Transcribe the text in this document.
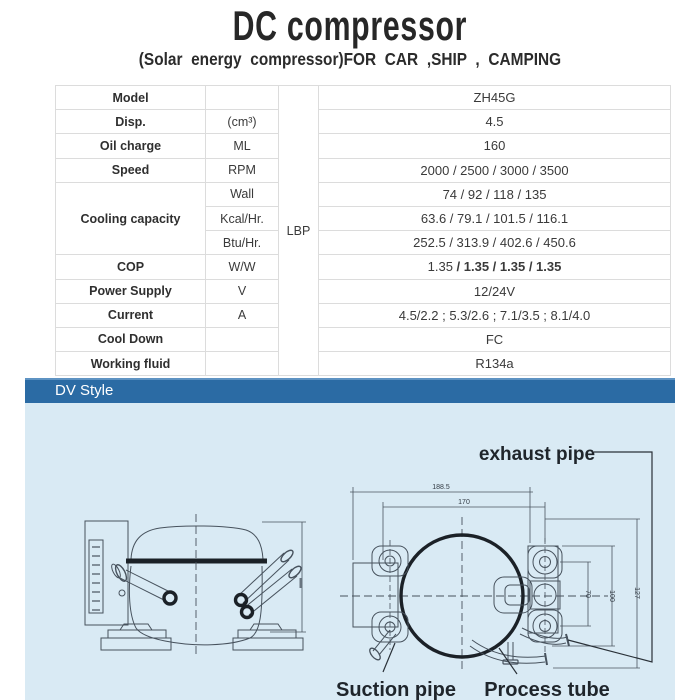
DC compressor
(Solar energy compressor)FOR CAR ,SHIP , CAMPING
Model		LBP	ZH45G
Disp.	(cm³)		4.5
Oil charge	ML		160
Speed	RPM		2000 / 2500 / 3000 / 3500
Cooling capacity	Wall		74 / 92 / 118 / 135
	Kcal/Hr.		63.6 / 79.1 / 101.5 / 116.1
	Btu/Hr.		252.5 / 313.9 / 402.6 / 450.6
COP	W/W		1.35 / 1.35 / 1.35 / 1.35
Power Supply	V		12/24V
Current	A		4.5/2.2 ; 5.3/2.6 ; 7.1/3.5 ; 8.1/4.0
Cool Down			FC
Working fluid			R134a
DV Style
188.5
170
70 100	127
exhaust pipe
Suction pipe Process tube
